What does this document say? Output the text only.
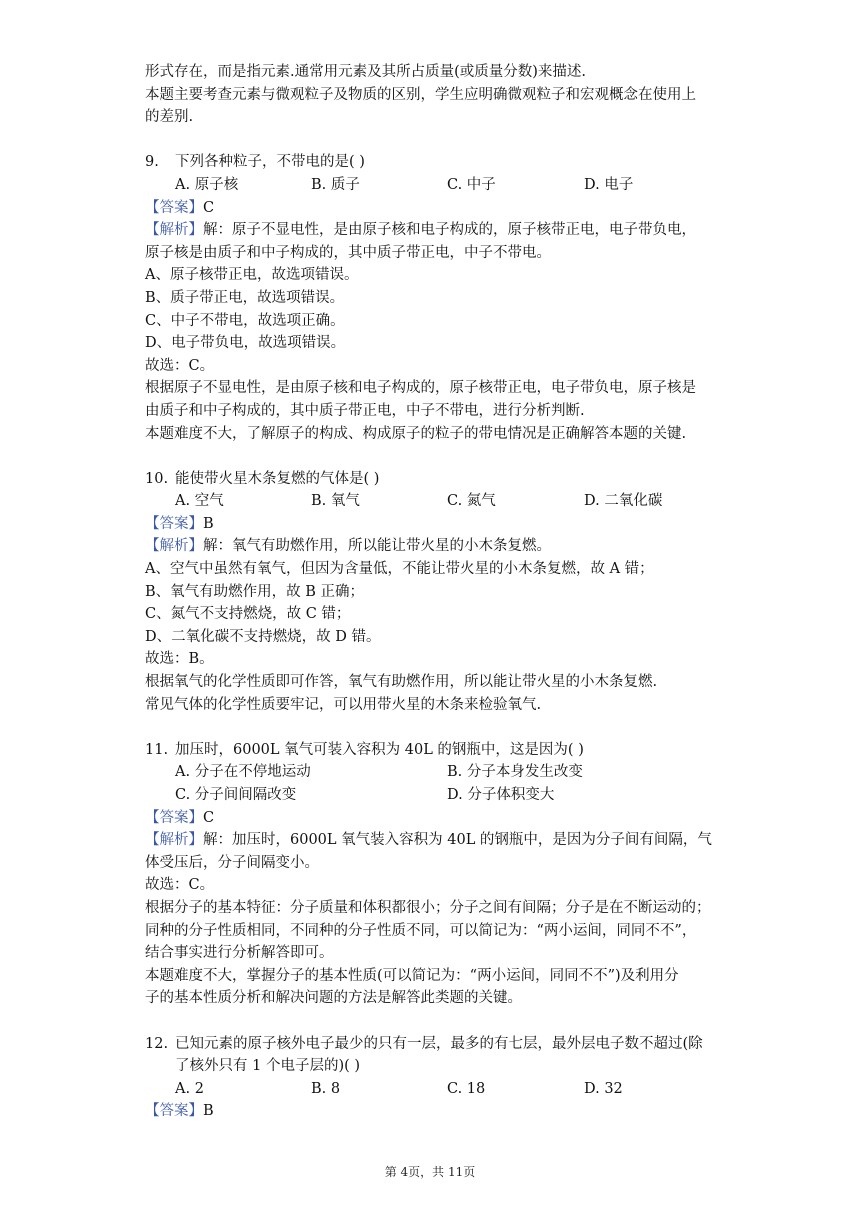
形式存在，而是指元素.通常用元素及其所占质量(或质量分数)来描述.
本题主要考查元素与微观粒子及物质的区别，学生应明确微观粒子和宏观概念在使用上
的差别.
9. 下列各种粒子，不带电的是( )
A. 原子核	B. 质子	C. 中子	D. 电子
【答案】C
【解析】解：原子不显电性，是由原子核和电子构成的，原子核带正电，电子带负电，
原子核是由质子和中子构成的，其中质子带正电，中子不带电。
A、原子核带正电，故选项错误。
B、质子带正电，故选项错误。
C、中子不带电，故选项正确。
D、电子带负电，故选项错误。
故选：C。
根据原子不显电性，是由原子核和电子构成的，原子核带正电，电子带负电，原子核是
由质子和中子构成的，其中质子带正电，中子不带电，进行分析判断.
本题难度不大，了解原子的构成、构成原子的粒子的带电情况是正确解答本题的关键.
10. 能使带火星木条复燃的气体是( )
A. 空气	B. 氧气	C. 氮气	D. 二氧化碳
【答案】B
【解析】解：氧气有助燃作用，所以能让带火星的小木条复燃。
A、空气中虽然有氧气，但因为含量低，不能让带火星的小木条复燃，故 A 错；
B、氧气有助燃作用，故 B 正确；
C、氮气不支持燃烧，故 C 错；
D、二氧化碳不支持燃烧，故 D 错。
故选：B。
根据氧气的化学性质即可作答，氧气有助燃作用，所以能让带火星的小木条复燃.
常见气体的化学性质要牢记，可以用带火星的木条来检验氧气.
11. 加压时，6000L 氧气可装入容积为 40L 的钢瓶中，这是因为( )
A. 分子在不停地运动	B. 分子本身发生改变
C. 分子间间隔改变	D. 分子体积变大
【答案】C
【解析】解：加压时，6000L 氧气装入容积为 40L 的钢瓶中，是因为分子间有间隔，气
体受压后，分子间隔变小。
故选：C。
根据分子的基本特征：分子质量和体积都很小；分子之间有间隔；分子是在不断运动的；
同种的分子性质相同，不同种的分子性质不同，可以简记为：“两小运间，同同不不”，
结合事实进行分析解答即可。
本题难度不大，掌握分子的基本性质(可以简记为：“两小运间，同同不不”)及利用分
子的基本性质分析和解决问题的方法是解答此类题的关键。
12. 已知元素的原子核外电子最少的只有一层，最多的有七层，最外层电子数不超过(除
了核外只有 1 个电子层的)( )
A. 2	B. 8	C. 18	D. 32
【答案】B
第 4页，共 11页
